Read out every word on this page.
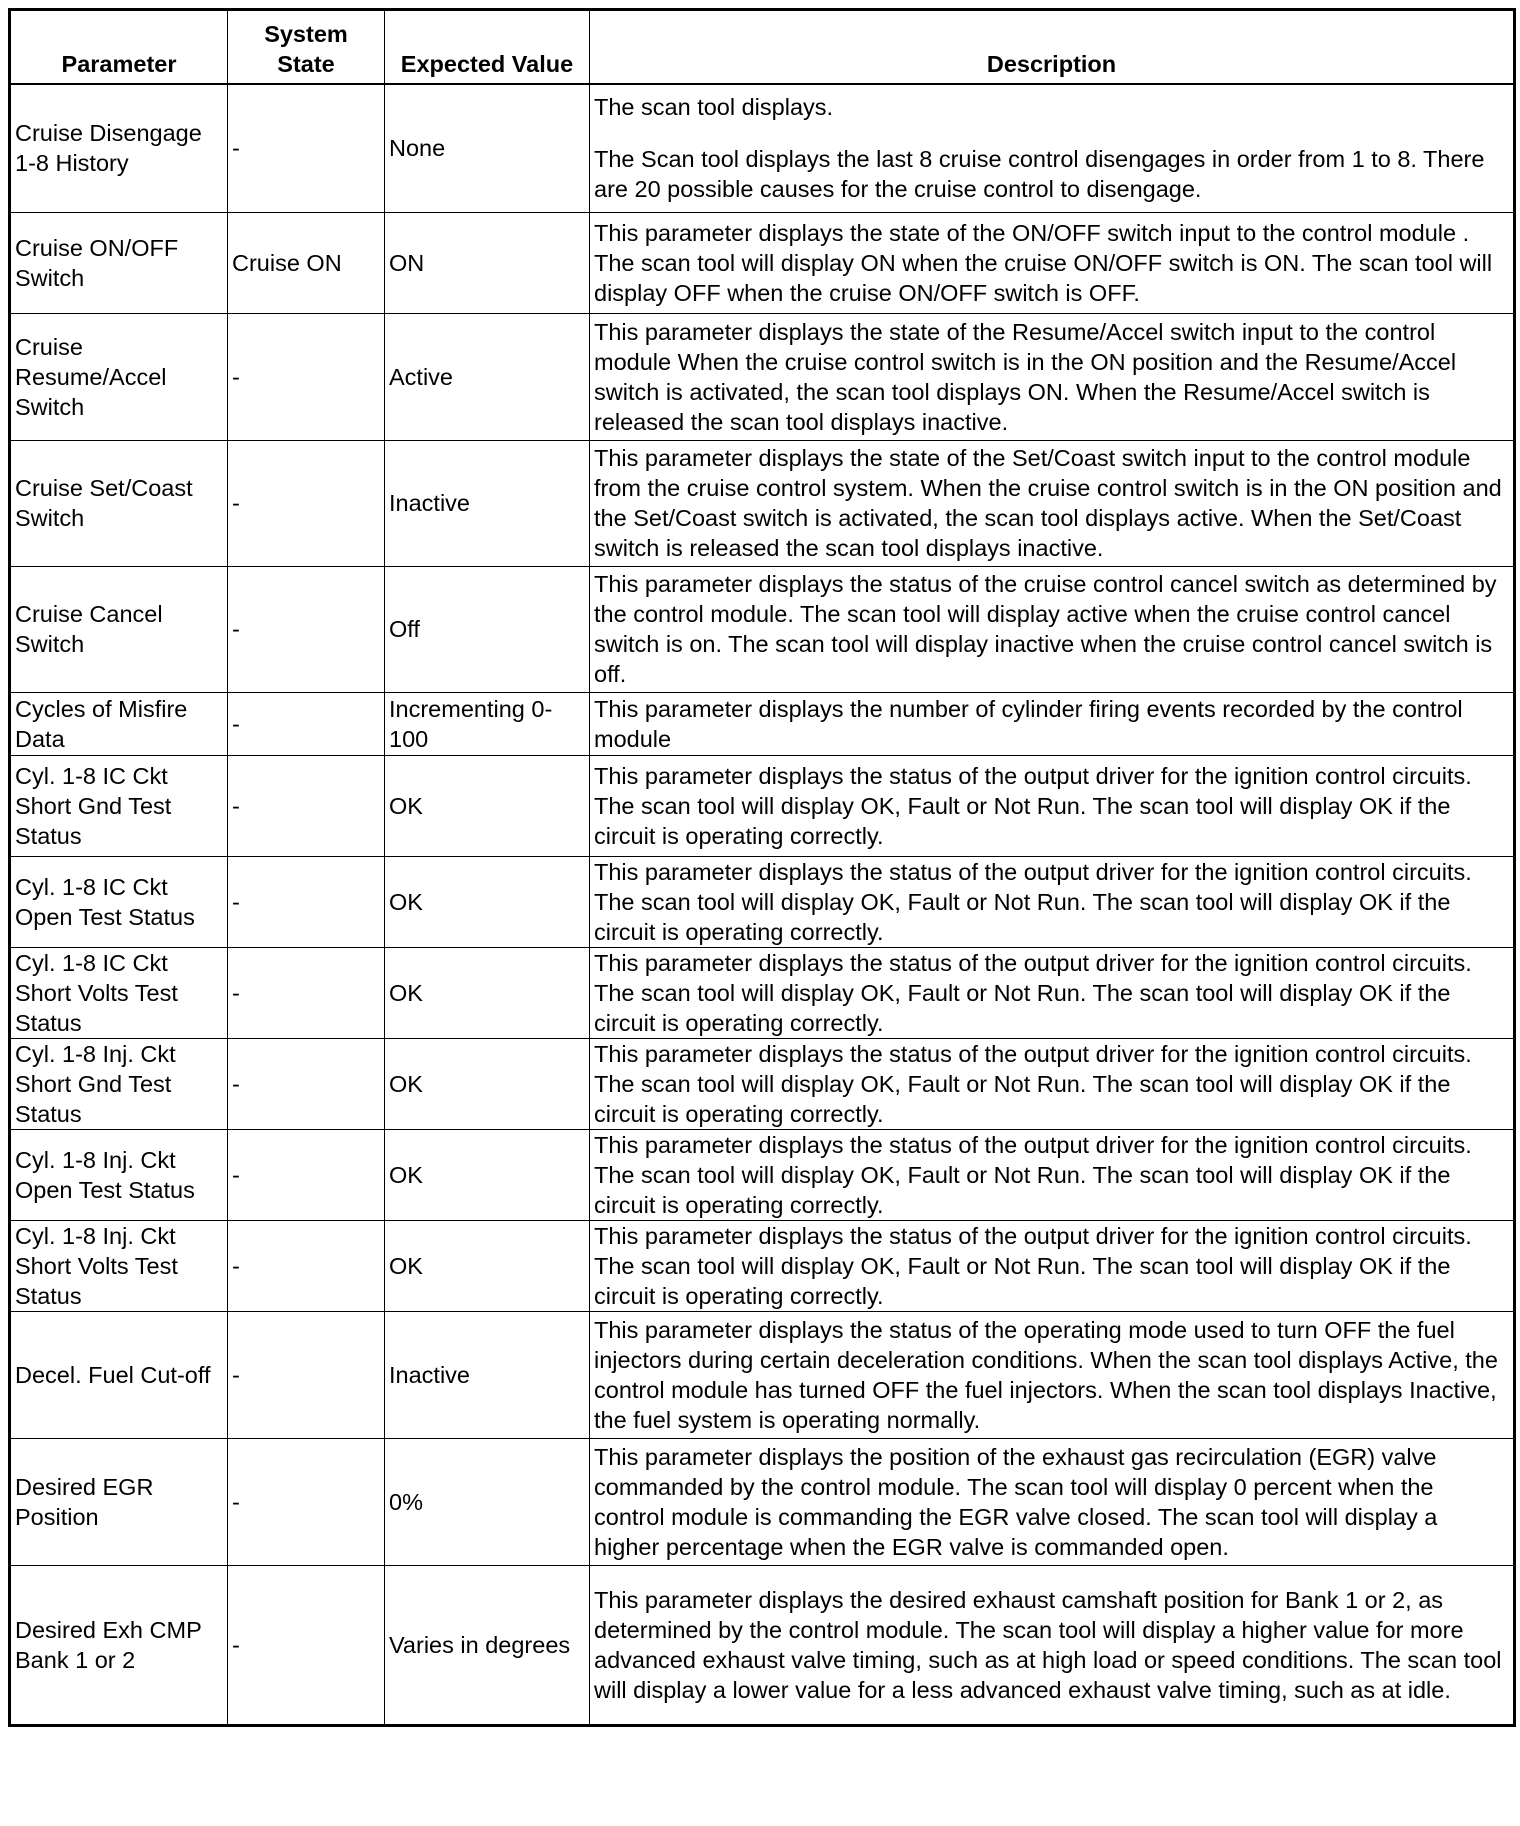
Parameter	System State	Expected Value	Description
Cruise Disengage 1-8 History	-	None	The scan tool displays.
The Scan tool displays the last 8 cruise control disengages in order from 1 to 8. There are 20 possible causes for the cruise control to disengage.

Cruise ON/OFF Switch	Cruise ON	ON	This parameter displays the state of the ON/OFF switch input to the control module . The scan tool will display ON when the cruise ON/OFF switch is ON. The scan tool will display OFF when the cruise ON/OFF switch is OFF.

Cruise Resume/Accel Switch	-	Active	This parameter displays the state of the Resume/Accel switch input to the control module When the cruise control switch is in the ON position and the Resume/Accel switch is activated, the scan tool displays ON. When the Resume/Accel switch is released the scan tool displays inactive.

Cruise Set/Coast Switch	-	Inactive	This parameter displays the state of the Set/Coast switch input to the control module from the cruise control system. When the cruise control switch is in the ON position and the Set/Coast switch is activated, the scan tool displays active. When the Set/Coast switch is released the scan tool displays inactive.

Cruise Cancel Switch	-	Off	This parameter displays the status of the cruise control cancel switch as determined by the control module. The scan tool will display active when the cruise control cancel switch is on. The scan tool will display inactive when the cruise control cancel switch is off.

Cycles of Misfire Data	-	Incrementing 0-100	This parameter displays the number of cylinder firing events recorded by the control module

Cyl. 1-8 IC Ckt Short Gnd Test Status	-	OK	This parameter displays the status of the output driver for the ignition control circuits. The scan tool will display OK, Fault or Not Run. The scan tool will display OK if the circuit is operating correctly.

Cyl. 1-8 IC Ckt Open Test Status	-	OK	This parameter displays the status of the output driver for the ignition control circuits. The scan tool will display OK, Fault or Not Run. The scan tool will display OK if the circuit is operating correctly.

Cyl. 1-8 IC Ckt Short Volts Test Status	-	OK	This parameter displays the status of the output driver for the ignition control circuits. The scan tool will display OK, Fault or Not Run. The scan tool will display OK if the circuit is operating correctly.

Cyl. 1-8 Inj. Ckt Short Gnd Test Status	-	OK	This parameter displays the status of the output driver for the ignition control circuits. The scan tool will display OK, Fault or Not Run. The scan tool will display OK if the circuit is operating correctly.

Cyl. 1-8 Inj. Ckt Open Test Status	-	OK	This parameter displays the status of the output driver for the ignition control circuits. The scan tool will display OK, Fault or Not Run. The scan tool will display OK if the circuit is operating correctly.

Cyl. 1-8 Inj. Ckt Short Volts Test Status	-	OK	This parameter displays the status of the output driver for the ignition control circuits. The scan tool will display OK, Fault or Not Run. The scan tool will display OK if the circuit is operating correctly.

Decel. Fuel Cut-off	-	Inactive	This parameter displays the status of the operating mode used to turn OFF the fuel injectors during certain deceleration conditions. When the scan tool displays Active, the control module has turned OFF the fuel injectors. When the scan tool displays Inactive, the fuel system is operating normally.

Desired EGR Position	-	0%	This parameter displays the position of the exhaust gas recirculation (EGR) valve commanded by the control module. The scan tool will display 0 percent when the control module is commanding the EGR valve closed. The scan tool will display a higher percentage when the EGR valve is commanded open.

Desired Exh CMP Bank 1 or 2	-	Varies in degrees	This parameter displays the desired exhaust camshaft position for Bank 1 or 2, as determined by the control module. The scan tool will display a higher value for more advanced exhaust valve timing, such as at high load or speed conditions. The scan tool will display a lower value for a less advanced exhaust valve timing, such as at idle.
